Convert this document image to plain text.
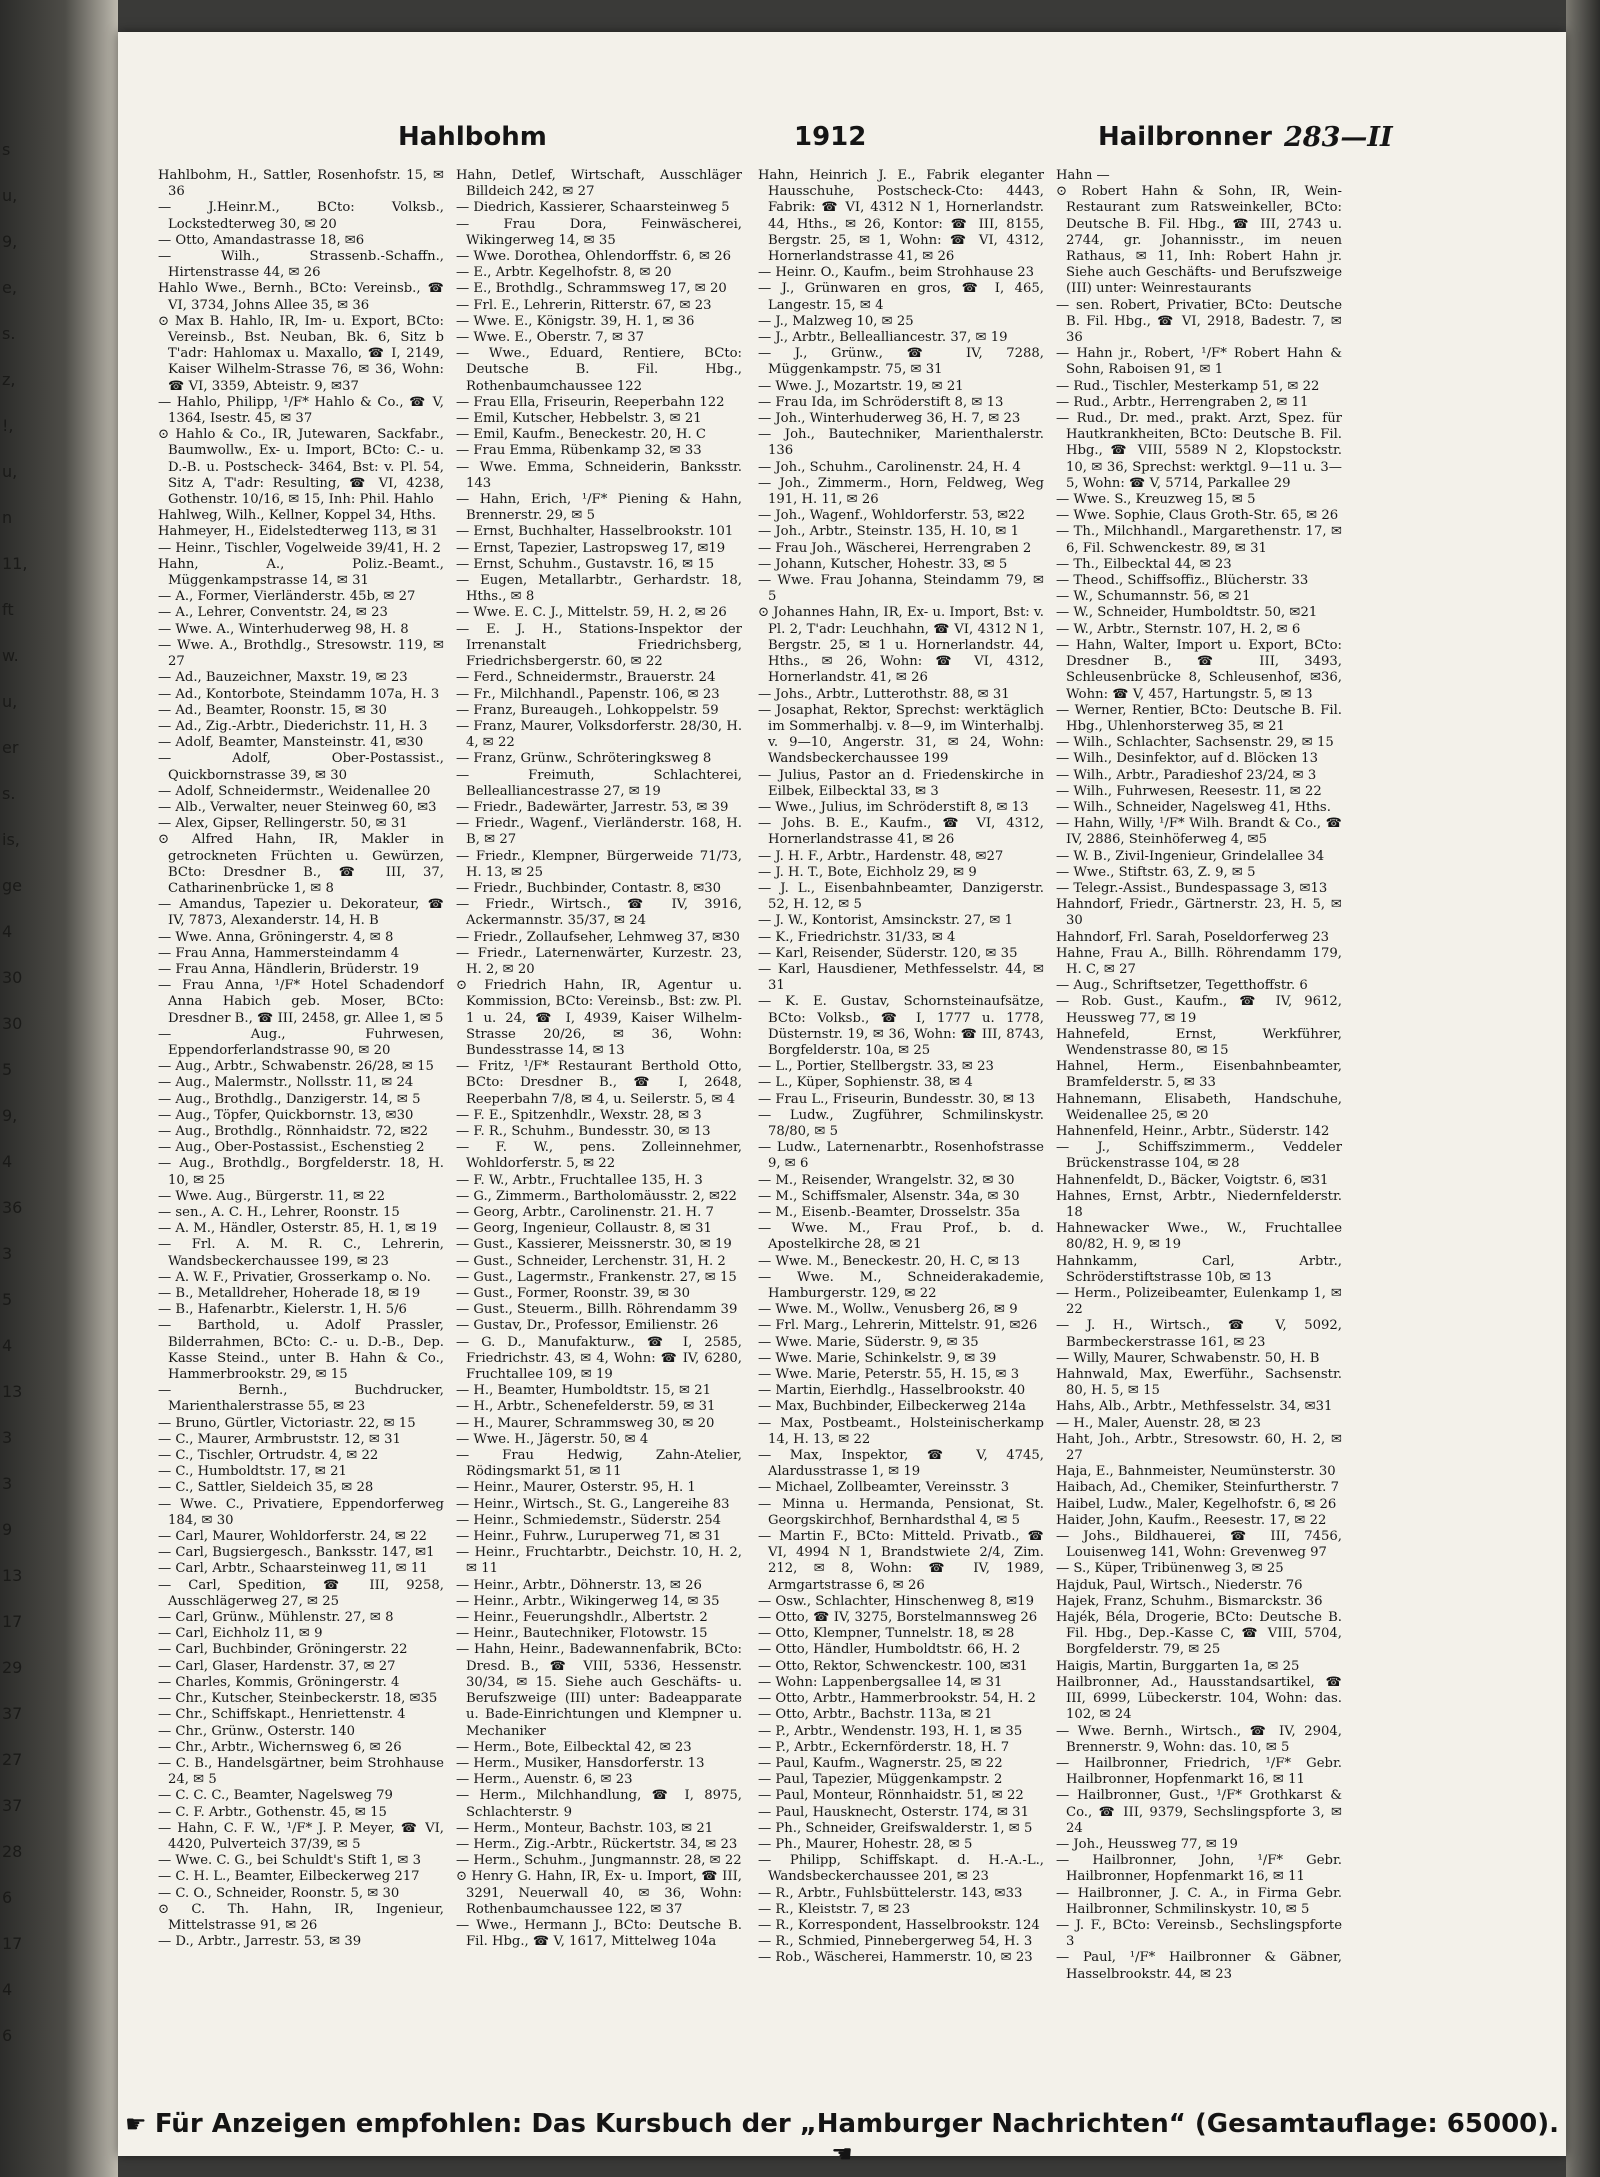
s
u,
9,
e,
s.
z,
!,
u,
n
11,
ft
w.
u,
er
s.
is,
ge
4
30
30
5
9,
4
36
3
5
4
13
3
3
9
13
17
29
37
27
37
28
6
17
4
6
Hahlbohm	1912	Hailbronner 283—II

Hahlbohm, H., Sattler, Rosenhofstr. 15, ✉36

— J.Heinr.M., BCto: Volksb., Lockstedterweg 30, ✉ 20

— Otto, Amandastrasse 18, ✉6

— Wilh., Strassenb.-Schaffn., Hirtenstrasse 44, ✉ 26

Hahlo Wwe., Bernh., BCto: Vereinsb., ☎ VI, 3734, Johns Allee 35, ✉ 36

⊙ Max B. Hahlo, IR, Im- u. Export, BCto: Vereinsb., Bst. Neuban, Bk. 6, Sitz b T'adr: Hahlomax u. Maxallo, ☎ I, 2149, Kaiser Wilhelm-Strasse 76, ✉ 36, Wohn: ☎ VI, 3359, Abteistr. 9, ✉37

— Hahlo, Philipp, ¹/F* Hahlo & Co., ☎ V, 1364, Isestr. 45, ✉ 37

⊙ Hahlo & Co., IR, Jutewaren, Sackfabr., Baumwollw., Ex- u. Import, BCto: C.- u. D.-B. u. Postscheck- 3464, Bst: v. Pl. 54, Sitz A, T'adr: Resulting, ☎ VI, 4238, Gothenstr. 10/16, ✉ 15, Inh: Phil. Hahlo

Hahlweg, Wilh., Kellner, Koppel 34, Hths.

Hahmeyer, H., Eidelstedterweg 113, ✉ 31

— Heinr., Tischler, Vogelweide 39/41, H. 2

Hahn, A., Poliz.-Beamt., Müggenkampstrasse 14, ✉ 31

— A., Former, Vierländerstr. 45b, ✉ 27

— A., Lehrer, Conventstr. 24, ✉ 23

— Wwe. A., Winterhuderweg 98, H. 8

— Wwe. A., Brothdlg., Stresowstr. 119, ✉27

— Ad., Bauzeichner, Maxstr. 19, ✉ 23

— Ad., Kontorbote, Steindamm 107a, H. 3

— Ad., Beamter, Roonstr. 15, ✉ 30

— Ad., Zig.-Arbtr., Diederichstr. 11, H. 3

— Adolf, Beamter, Mansteinstr. 41, ✉30

— Adolf, Ober-Postassist., Quickbornstrasse 39, ✉ 30

— Adolf, Schneidermstr., Weidenallee 20

— Alb., Verwalter, neuer Steinweg 60, ✉3

— Alex, Gipser, Rellingerstr. 50, ✉ 31

⊙ Alfred Hahn, IR, Makler in getrockneten Früchten u. Gewürzen, BCto: Dresdner B., ☎ III, 37, Catharinenbrücke 1, ✉ 8

— Amandus, Tapezier u. Dekorateur, ☎ IV, 7873, Alexanderstr. 14, H. B

— Wwe. Anna, Gröningerstr. 4, ✉ 8

— Frau Anna, Hammersteindamm 4

— Frau Anna, Händlerin, Brüderstr. 19

— Frau Anna, ¹/F* Hotel Schadendorf Anna Habich geb. Moser, BCto: Dresdner B., ☎ III, 2458, gr. Allee 1, ✉ 5

— Aug., Fuhrwesen, Eppendorferlandstrasse 90, ✉ 20

— Aug., Arbtr., Schwabenstr. 26/28, ✉ 15

— Aug., Malermstr., Nollsstr. 11, ✉ 24

— Aug., Brothdlg., Danzigerstr. 14, ✉ 5

— Aug., Töpfer, Quickbornstr. 13, ✉30

— Aug., Brothdlg., Rönnhaidstr. 72, ✉22

— Aug., Ober-Postassist., Eschenstieg 2

— Aug., Brothdlg., Borgfelderstr. 18, H. 10, ✉ 25

— Wwe. Aug., Bürgerstr. 11, ✉ 22

— sen., A. C. H., Lehrer, Roonstr. 15

— A. M., Händler, Osterstr. 85, H. 1, ✉ 19

— Frl. A. M. R. C., Lehrerin, Wandsbeckerchaussee 199, ✉ 23

— A. W. F., Privatier, Grosserkamp o. No.

— B., Metalldreher, Hoherade 18, ✉ 19

— B., Hafenarbtr., Kielerstr. 1, H. 5/6

— Barthold, u. Adolf Prassler, Bilderrahmen, BCto: C.- u. D.-B., Dep. Kasse Steind., unter B. Hahn & Co., Hammerbrookstr. 29, ✉ 15

— Bernh., Buchdrucker, Marienthalerstrasse 55, ✉ 23

— Bruno, Gürtler, Victoriastr. 22, ✉ 15

— C., Maurer, Armbruststr. 12, ✉ 31

— C., Tischler, Ortrudstr. 4, ✉ 22

— C., Humboldtstr. 17, ✉ 21

— C., Sattler, Sieldeich 35, ✉ 28

— Wwe. C., Privatiere, Eppendorferweg 184, ✉ 30

— Carl, Maurer, Wohldorferstr. 24, ✉ 22

— Carl, Bugsiergesch., Banksstr. 147, ✉1

— Carl, Arbtr., Schaarsteinweg 11, ✉ 11

— Carl, Spedition, ☎ III, 9258, Ausschlägerweg 27, ✉ 25

— Carl, Grünw., Mühlenstr. 27, ✉ 8

— Carl, Eichholz 11, ✉ 9

— Carl, Buchbinder, Gröningerstr. 22

— Carl, Glaser, Hardenstr. 37, ✉ 27

— Charles, Kommis, Gröningerstr. 4

— Chr., Kutscher, Steinbeckerstr. 18, ✉35

— Chr., Schiffskapt., Henriettenstr. 4

— Chr., Grünw., Osterstr. 140

— Chr., Arbtr., Wichernsweg 6, ✉ 26

— C. B., Handelsgärtner, beim Strohhause 24, ✉ 5

— C. C. C., Beamter, Nagelsweg 79

— C. F. Arbtr., Gothenstr. 45, ✉ 15

— Hahn, C. F. W., ¹/F* J. P. Meyer, ☎ VI, 4420, Pulverteich 37/39, ✉ 5

— Wwe. C. G., bei Schuldt's Stift 1, ✉ 3

— C. H. L., Beamter, Eilbeckerweg 217

— C. O., Schneider, Roonstr. 5, ✉ 30

⊙ C. Th. Hahn, IR, Ingenieur, Mittelstrasse 91, ✉ 26

— D., Arbtr., Jarrestr. 53, ✉ 39

Hahn, Detlef, Wirtschaft, Ausschläger Billdeich 242, ✉ 27

— Diedrich, Kassierer, Schaarsteinweg 5

— Frau Dora, Feinwäscherei, Wikingerweg 14, ✉ 35

— Wwe. Dorothea, Ohlendorffstr. 6, ✉ 26

— E., Arbtr. Kegelhofstr. 8, ✉ 20

— E., Brothdlg., Schrammsweg 17, ✉ 20

— Frl. E., Lehrerin, Ritterstr. 67, ✉ 23

— Wwe. E., Königstr. 39, H. 1, ✉ 36

— Wwe. E., Oberstr. 7, ✉ 37

— Wwe., Eduard, Rentiere, BCto: Deutsche B. Fil. Hbg., Rothenbaumchaussee 122

— Frau Ella, Friseurin, Reeperbahn 122

— Emil, Kutscher, Hebbelstr. 3, ✉ 21

— Emil, Kaufm., Beneckestr. 20, H. C

— Frau Emma, Rübenkamp 32, ✉ 33

— Wwe. Emma, Schneiderin, Banksstr. 143

— Hahn, Erich, ¹/F* Piening & Hahn, Brennerstr. 29, ✉ 5

— Ernst, Buchhalter, Hasselbrookstr. 101

— Ernst, Tapezier, Lastropsweg 17, ✉19

— Ernst, Schuhm., Gustavstr. 16, ✉ 15

— Eugen, Metallarbtr., Gerhardstr. 18, Hths., ✉ 8

— Wwe. E. C. J., Mittelstr. 59, H. 2, ✉ 26

— E. J. H., Stations-Inspektor der Irrenanstalt Friedrichsberg, Friedrichsbergerstr. 60, ✉ 22

— Ferd., Schneidermstr., Brauerstr. 24

— Fr., Milchhandl., Papenstr. 106, ✉ 23

— Franz, Bureaugeh., Lohkoppelstr. 59

— Franz, Maurer, Volksdorferstr. 28/30, H. 4, ✉ 22

— Franz, Grünw., Schröteringksweg 8

— Freimuth, Schlachterei, Bellealliancestrasse 27, ✉ 19

— Friedr., Badewärter, Jarrestr. 53, ✉ 39

— Friedr., Wagenf., Vierländerstr. 168, H. B, ✉ 27

— Friedr., Klempner, Bürgerweide 71/73, H. 13, ✉ 25

— Friedr., Buchbinder, Contastr. 8, ✉30

— Friedr., Wirtsch., ☎ IV, 3916, Ackermannstr. 35/37, ✉ 24

— Friedr., Zollaufseher, Lehmweg 37, ✉30

— Friedr., Laternenwärter, Kurzestr. 23, H. 2, ✉ 20

⊙ Friedrich Hahn, IR, Agentur u. Kommission, BCto: Vereinsb., Bst: zw. Pl. 1 u. 24, ☎ I, 4939, Kaiser Wilhelm-Strasse 20/26, ✉ 36, Wohn: Bundesstrasse 14, ✉ 13

— Fritz, ¹/F* Restaurant Berthold Otto, BCto: Dresdner B., ☎ I, 2648, Reeperbahn 7/8, ✉ 4, u. Seilerstr. 5, ✉ 4

— F. E., Spitzenhdlr., Wexstr. 28, ✉ 3

— F. R., Schuhm., Bundesstr. 30, ✉ 13

— F. W., pens. Zolleinnehmer, Wohldorferstr. 5, ✉ 22

— F. W., Arbtr., Fruchtallee 135, H. 3

— G., Zimmerm., Bartholomäusstr. 2, ✉22

— Georg, Arbtr., Carolinenstr. 21. H. 7

— Georg, Ingenieur, Collaustr. 8, ✉ 31

— Gust., Kassierer, Meissnerstr. 30, ✉ 19

— Gust., Schneider, Lerchenstr. 31, H. 2

— Gust., Lagermstr., Frankenstr. 27, ✉ 15

— Gust., Former, Roonstr. 39, ✉ 30

— Gust., Steuerm., Billh. Röhrendamm 39

— Gustav, Dr., Professor, Emilienstr. 26

— G. D., Manufakturw., ☎ I, 2585, Friedrichstr. 43, ✉ 4, Wohn: ☎ IV, 6280, Fruchtallee 109, ✉ 19

— H., Beamter, Humboldtstr. 15, ✉ 21

— H., Arbtr., Schenefelderstr. 59, ✉ 31

— H., Maurer, Schrammsweg 30, ✉ 20

— Wwe. H., Jägerstr. 50, ✉ 4

— Frau Hedwig, Zahn-Atelier, Rödingsmarkt 51, ✉ 11

— Heinr., Maurer, Osterstr. 95, H. 1

— Heinr., Wirtsch., St. G., Langereihe 83

— Heinr., Schmiedemstr., Süderstr. 254

— Heinr., Fuhrw., Luruperweg 71, ✉ 31

— Heinr., Fruchtarbtr., Deichstr. 10, H. 2, ✉ 11

— Heinr., Arbtr., Döhnerstr. 13, ✉ 26

— Heinr., Arbtr., Wikingerweg 14, ✉ 35

— Heinr., Feuerungshdlr., Albertstr. 2

— Heinr., Bautechniker, Flotowstr. 15

— Hahn, Heinr., Badewannenfabrik, BCto: Dresd. B., ☎ VIII, 5336, Hessenstr. 30/34, ✉ 15. Siehe auch Geschäfts- u. Berufszweige (III) unter: Badeapparate u. Bade-Einrichtungen und Klempner u. Mechaniker

— Herm., Bote, Eilbecktal 42, ✉ 23

— Herm., Musiker, Hansdorferstr. 13

— Herm., Auenstr. 6, ✉ 23

— Herm., Milchhandlung, ☎ I, 8975, Schlachterstr. 9

— Herm., Monteur, Bachstr. 103, ✉ 21

— Herm., Zig.-Arbtr., Rückertstr. 34, ✉ 23

— Herm., Schuhm., Jungmannstr. 28, ✉ 22

⊙ Henry G. Hahn, IR, Ex- u. Import, ☎ III, 3291, Neuerwall 40, ✉ 36, Wohn: Rothenbaumchaussee 122, ✉ 37

— Wwe., Hermann J., BCto: Deutsche B. Fil. Hbg., ☎ V, 1617, Mittelweg 104a

Hahn, Heinrich J. E., Fabrik eleganter Hausschuhe, Postscheck-Cto: 4443, Fabrik: ☎ VI, 4312 N 1, Hornerlandstr. 44, Hths., ✉ 26, Kontor: ☎ III, 8155, Bergstr. 25, ✉ 1, Wohn: ☎ VI, 4312, Hornerlandstrasse 41, ✉ 26

— Heinr. O., Kaufm., beim Strohhause 23

— J., Grünwaren en gros, ☎ I, 465, Langestr. 15, ✉ 4

— J., Malzweg 10, ✉ 25

— J., Arbtr., Bellealliancestr. 37, ✉ 19

— J., Grünw., ☎ IV, 7288, Müggenkampstr. 75, ✉ 31

— Wwe. J., Mozartstr. 19, ✉ 21

— Frau Ida, im Schröderstift 8, ✉ 13

— Joh., Winterhuderweg 36, H. 7, ✉ 23

— Joh., Bautechniker, Marienthalerstr. 136

— Joh., Schuhm., Carolinenstr. 24, H. 4

— Joh., Zimmerm., Horn, Feldweg, Weg 191, H. 11, ✉ 26

— Joh., Wagenf., Wohldorferstr. 53, ✉22

— Joh., Arbtr., Steinstr. 135, H. 10, ✉ 1

— Frau Joh., Wäscherei, Herrengraben 2

— Johann, Kutscher, Hohestr. 33, ✉ 5

— Wwe. Frau Johanna, Steindamm 79, ✉ 5

⊙ Johannes Hahn, IR, Ex- u. Import, Bst: v. Pl. 2, T'adr: Leuchhahn, ☎ VI, 4312 N 1, Bergstr. 25, ✉ 1 u. Hornerlandstr. 44, Hths., ✉ 26, Wohn: ☎ VI, 4312, Hornerlandstr. 41, ✉ 26

— Johs., Arbtr., Lutterothstr. 88, ✉ 31

— Josaphat, Rektor, Sprechst: werktäglich im Sommerhalbj. v. 8—9, im Winterhalbj. v. 9—10, Angerstr. 31, ✉ 24, Wohn: Wandsbeckerchaussee 199

— Julius, Pastor an d. Friedenskirche in Eilbek, Eilbecktal 33, ✉ 3

— Wwe., Julius, im Schröderstift 8, ✉ 13

— Johs. B. E., Kaufm., ☎ VI, 4312, Hornerlandstrasse 41, ✉ 26

— J. H. F., Arbtr., Hardenstr. 48, ✉27

— J. H. T., Bote, Eichholz 29, ✉ 9

— J. L., Eisenbahnbeamter, Danzigerstr. 52, H. 12, ✉ 5

— J. W., Kontorist, Amsinckstr. 27, ✉ 1

— K., Friedrichstr. 31/33, ✉ 4

— Karl, Reisender, Süderstr. 120, ✉ 35

— Karl, Hausdiener, Methfesselstr. 44, ✉31

— K. E. Gustav, Schornsteinaufsätze, BCto: Volksb., ☎ I, 1777 u. 1778, Düsternstr. 19, ✉ 36, Wohn: ☎ III, 8743, Borgfelderstr. 10a, ✉ 25

— L., Portier, Stellbergstr. 33, ✉ 23

— L., Küper, Sophienstr. 38, ✉ 4

— Frau L., Friseurin, Bundesstr. 30, ✉ 13

— Ludw., Zugführer, Schmilinskystr. 78/80, ✉ 5

— Ludw., Laternenarbtr., Rosenhofstrasse 9, ✉ 6

— M., Reisender, Wrangelstr. 32, ✉ 30

— M., Schiffsmaler, Alsenstr. 34a, ✉ 30

— M., Eisenb.-Beamter, Drosselstr. 35a

— Wwe. M., Frau Prof., b. d. Apostelkirche 28, ✉ 21

— Wwe. M., Beneckestr. 20, H. C, ✉ 13

— Wwe. M., Schneiderakademie, Hamburgerstr. 129, ✉ 22

— Wwe. M., Wollw., Venusberg 26, ✉ 9

— Frl. Marg., Lehrerin, Mittelstr. 91, ✉26

— Wwe. Marie, Süderstr. 9, ✉ 35

— Wwe. Marie, Schinkelstr. 9, ✉ 39

— Wwe. Marie, Peterstr. 55, H. 15, ✉ 3

— Martin, Eierhdlg., Hasselbrookstr. 40

— Max, Buchbinder, Eilbeckerweg 214a

— Max, Postbeamt., Holsteinischerkamp 14, H. 13, ✉ 22

— Max, Inspektor, ☎ V, 4745, Alardusstrasse 1, ✉ 19

— Michael, Zollbeamter, Vereinsstr. 3

— Minna u. Hermanda, Pensionat, St. Georgskirchhof, Bernhardsthal 4, ✉ 5

— Martin F., BCto: Mitteld. Privatb., ☎ VI, 4994 N 1, Brandstwiete 2/4, Zim. 212, ✉ 8, Wohn: ☎ IV, 1989, Armgartstrasse 6, ✉ 26

— Osw., Schlachter, Hinschenweg 8, ✉19

— Otto, ☎ IV, 3275, Borstelmannsweg 26

— Otto, Klempner, Tunnelstr. 18, ✉ 28

— Otto, Händler, Humboldtstr. 66, H. 2

— Otto, Rektor, Schwenckestr. 100, ✉31

— Wohn: Lappenbergsallee 14, ✉ 31

— Otto, Arbtr., Hammerbrookstr. 54, H. 2

— Otto, Arbtr., Bachstr. 113a, ✉ 21

— P., Arbtr., Wendenstr. 193, H. 1, ✉ 35

— P., Arbtr., Eckernförderstr. 18, H. 7

— Paul, Kaufm., Wagnerstr. 25, ✉ 22

— Paul, Tapezier, Müggenkampstr. 2

— Paul, Monteur, Rönnhaidstr. 51, ✉ 22

— Paul, Hausknecht, Osterstr. 174, ✉ 31

— Ph., Schneider, Greifswalderstr. 1, ✉ 5

— Ph., Maurer, Hohestr. 28, ✉ 5

— Philipp, Schiffskapt. d. H.-A.-L., Wandsbeckerchaussee 201, ✉ 23

— R., Arbtr., Fuhlsbüttelerstr. 143, ✉33

— R., Kleiststr. 7, ✉ 23

— R., Korrespondent, Hasselbrookstr. 124

— R., Schmied, Pinnebergerweg 54, H. 3

— Rob., Wäscherei, Hammerstr. 10, ✉ 23

Hahn —

⊙ Robert Hahn & Sohn, IR, Wein-Restaurant zum Ratsweinkeller, BCto: Deutsche B. Fil. Hbg., ☎ III, 2743 u. 2744, gr. Johannisstr., im neuen Rathaus, ✉ 11, Inh: Robert Hahn jr. Siehe auch Geschäfts- und Berufszweige (III) unter: Weinrestaurants

— sen. Robert, Privatier, BCto: Deutsche B. Fil. Hbg., ☎ VI, 2918, Badestr. 7, ✉ 36

— Hahn jr., Robert, ¹/F* Robert Hahn & Sohn, Raboisen 91, ✉ 1

— Rud., Tischler, Mesterkamp 51, ✉ 22

— Rud., Arbtr., Herrengraben 2, ✉ 11

— Rud., Dr. med., prakt. Arzt, Spez. für Hautkrankheiten, BCto: Deutsche B. Fil. Hbg., ☎ VIII, 5589 N 2, Klopstockstr. 10, ✉ 36, Sprechst: werktgl. 9—11 u. 3—5, Wohn: ☎ V, 5714, Parkallee 29

— Wwe. S., Kreuzweg 15, ✉ 5

— Wwe. Sophie, Claus Groth-Str. 65, ✉ 26

— Th., Milchhandl., Margarethenstr. 17, ✉ 6, Fil. Schwenckestr. 89, ✉ 31

— Th., Eilbecktal 44, ✉ 23

— Theod., Schiffsoffiz., Blücherstr. 33

— W., Schumannstr. 56, ✉ 21

— W., Schneider, Humboldtstr. 50, ✉21

— W., Arbtr., Sternstr. 107, H. 2, ✉ 6

— Hahn, Walter, Import u. Export, BCto: Dresdner B., ☎ III, 3493, Schleusenbrücke 8, Schleusenhof, ✉36, Wohn: ☎ V, 457, Hartungstr. 5, ✉ 13

— Werner, Rentier, BCto: Deutsche B. Fil. Hbg., Uhlenhorsterweg 35, ✉ 21

— Wilh., Schlachter, Sachsenstr. 29, ✉ 15

— Wilh., Desinfektor, auf d. Blöcken 13

— Wilh., Arbtr., Paradieshof 23/24, ✉ 3

— Wilh., Fuhrwesen, Reesestr. 11, ✉ 22

— Wilh., Schneider, Nagelsweg 41, Hths.

— Hahn, Willy, ¹/F* Wilh. Brandt & Co., ☎ IV, 2886, Steinhöferweg 4, ✉5

— W. B., Zivil-Ingenieur, Grindelallee 34

— Wwe., Stiftstr. 63, Z. 9, ✉ 5

— Telegr.-Assist., Bundespassage 3, ✉13

Hahndorf, Friedr., Gärtnerstr. 23, H. 5, ✉30

Hahndorf, Frl. Sarah, Poseldorferweg 23

Hahne, Frau A., Billh. Röhrendamm 179, H. C, ✉ 27

— Aug., Schriftsetzer, Tegetthoffstr. 6

— Rob. Gust., Kaufm., ☎ IV, 9612, Heussweg 77, ✉ 19

Hahnefeld, Ernst, Werkführer, Wendenstrasse 80, ✉ 15

Hahnel, Herm., Eisenbahnbeamter, Bramfelderstr. 5, ✉ 33

Hahnemann, Elisabeth, Handschuhe, Weidenallee 25, ✉ 20

Hahnenfeld, Heinr., Arbtr., Süderstr. 142

— J., Schiffszimmerm., Veddeler Brückenstrasse 104, ✉ 28

Hahnenfeldt, D., Bäcker, Voigtstr. 6, ✉31

Hahnes, Ernst, Arbtr., Niedernfelderstr. 18

Hahnewacker Wwe., W., Fruchtallee 80/82, H. 9, ✉ 19

Hahnkamm, Carl, Arbtr., Schröderstiftstrasse 10b, ✉ 13

— Herm., Polizeibeamter, Eulenkamp 1, ✉ 22

— J. H., Wirtsch., ☎ V, 5092, Barmbeckerstrasse 161, ✉ 23

— Willy, Maurer, Schwabenstr. 50, H. B

Hahnwald, Max, Ewerführ., Sachsenstr. 80, H. 5, ✉ 15

Hahs, Alb., Arbtr., Methfesselstr. 34, ✉31

— H., Maler, Auenstr. 28, ✉ 23

Haht, Joh., Arbtr., Stresowstr. 60, H. 2, ✉27

Haja, E., Bahnmeister, Neumünsterstr. 30

Haibach, Ad., Chemiker, Steinfurtherstr. 7

Haibel, Ludw., Maler, Kegelhofstr. 6, ✉ 26

Haider, John, Kaufm., Reesestr. 17, ✉ 22

— Johs., Bildhauerei, ☎ III, 7456, Louisenweg 141, Wohn: Grevenweg 97

— S., Küper, Tribünenweg 3, ✉ 25

Hajduk, Paul, Wirtsch., Niederstr. 76

Hajek, Franz, Schuhm., Bismarckstr. 36

Hajék, Béla, Drogerie, BCto: Deutsche B. Fil. Hbg., Dep.-Kasse C, ☎ VIII, 5704, Borgfelderstr. 79, ✉ 25

Haigis, Martin, Burggarten 1a, ✉ 25

Hailbronner, Ad., Hausstandsartikel, ☎ III, 6999, Lübeckerstr. 104, Wohn: das. 102, ✉ 24

— Wwe. Bernh., Wirtsch., ☎ IV, 2904, Brennerstr. 9, Wohn: das. 10, ✉ 5

— Hailbronner, Friedrich, ¹/F* Gebr. Hailbronner, Hopfenmarkt 16, ✉ 11

— Hailbronner, Gust., ¹/F* Grothkarst & Co., ☎ III, 9379, Sechslingspforte 3, ✉ 24

— Joh., Heussweg 77, ✉ 19

— Hailbronner, John, ¹/F* Gebr. Hailbronner, Hopfenmarkt 16, ✉ 11

— Hailbronner, J. C. A., in Firma Gebr. Hailbronner, Schmilinskystr. 10, ✉ 5

— J. F., BCto: Vereinsb., Sechslingspforte 3

— Paul, ¹/F* Hailbronner & Gäbner, Hasselbrookstr. 44, ✉ 23

☛ Für Anzeigen empfohlen: Das Kursbuch der „Hamburger Nachrichten“ (Gesamtauflage: 65000). ☚
